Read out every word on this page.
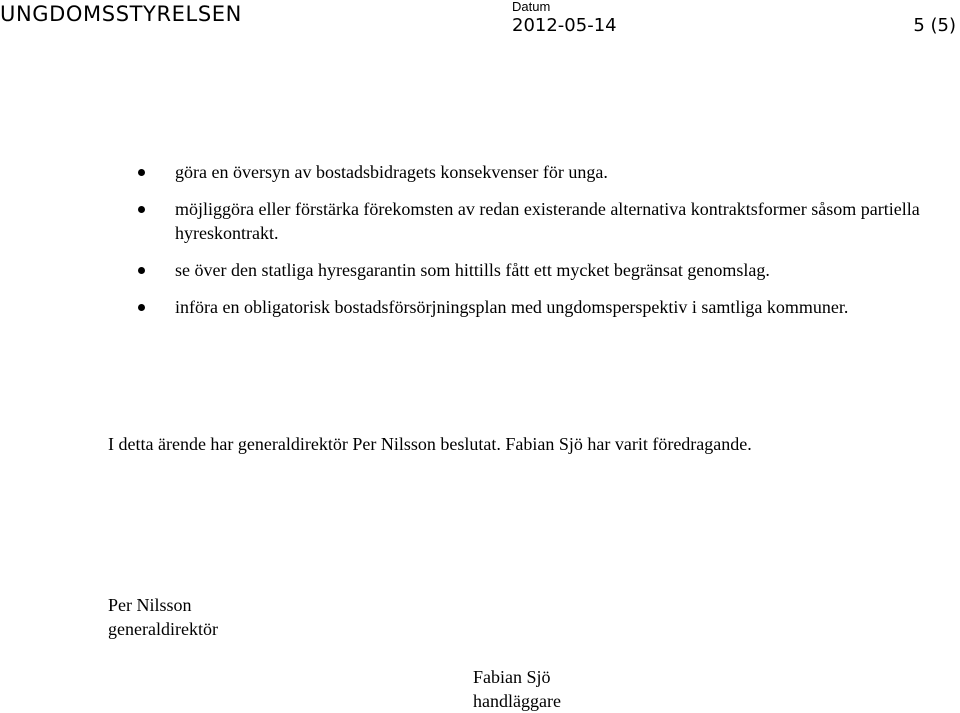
UNGDOMSSTYRELSEN	Datum
2012-05-14	5 (5)
göra en översyn av bostadsbidragets konsekvenser för unga.
möjliggöra eller förstärka förekomsten av redan existerande alternativa kontraktsformer såsom partiella hyreskontrakt.
se över den statliga hyresgarantin som hittills fått ett mycket begränsat genomslag.
införa en obligatorisk bostadsförsörjningsplan med ungdomsperspektiv i samtliga kommuner.
I detta ärende har generaldirektör Per Nilsson beslutat. Fabian Sjö har varit föredragande.
Per Nilsson
generaldirektör
Fabian Sjö
handläggare
